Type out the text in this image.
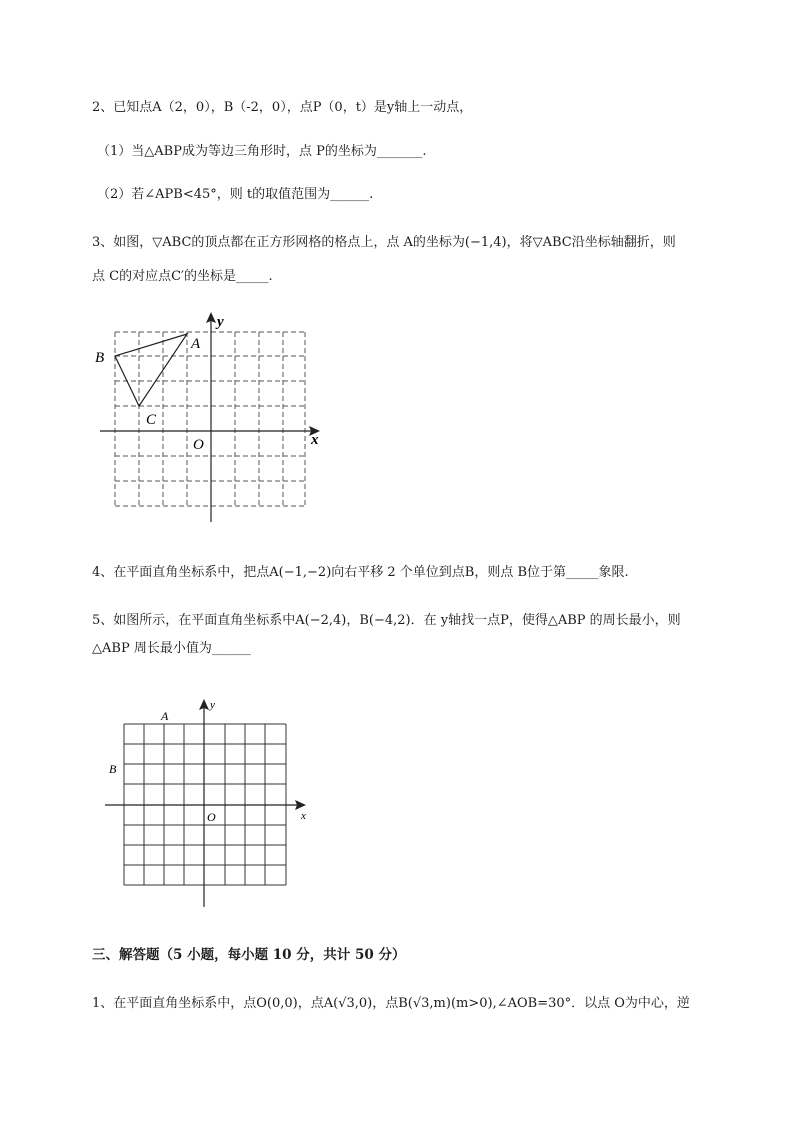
2、已知点A（2，0），B（-2，0），点P（0，t）是y轴上一动点，
（1）当△ABP成为等边三角形时，点 P的坐标为_______.
（2）若∠APB<45°，则 t的取值范围为______.
3、如图，▽ABC的顶点都在正方形网格的格点上，点 A的坐标为(−1,4)，将▽ABC沿坐标轴翻折，则
点 C的对应点C′的坐标是_____.
y
x
O
A
B
C
4、在平面直角坐标系中，把点A(−1,−2)向右平移 2 个单位到点B，则点 B位于第_____象限.
5、如图所示，在平面直角坐标系中A(−2,4)，B(−4,2)．在 y轴找一点P，使得△ABP 的周长最小，则
△ABP 周长最小值为______
y
x
O
A
B
三、解答题（5 小题，每小题 10 分，共计 50 分）
1、在平面直角坐标系中，点O(0,0)，点A(√3,0)，点B(√3,m)(m>0),∠AOB=30°．以点 O为中心，逆
